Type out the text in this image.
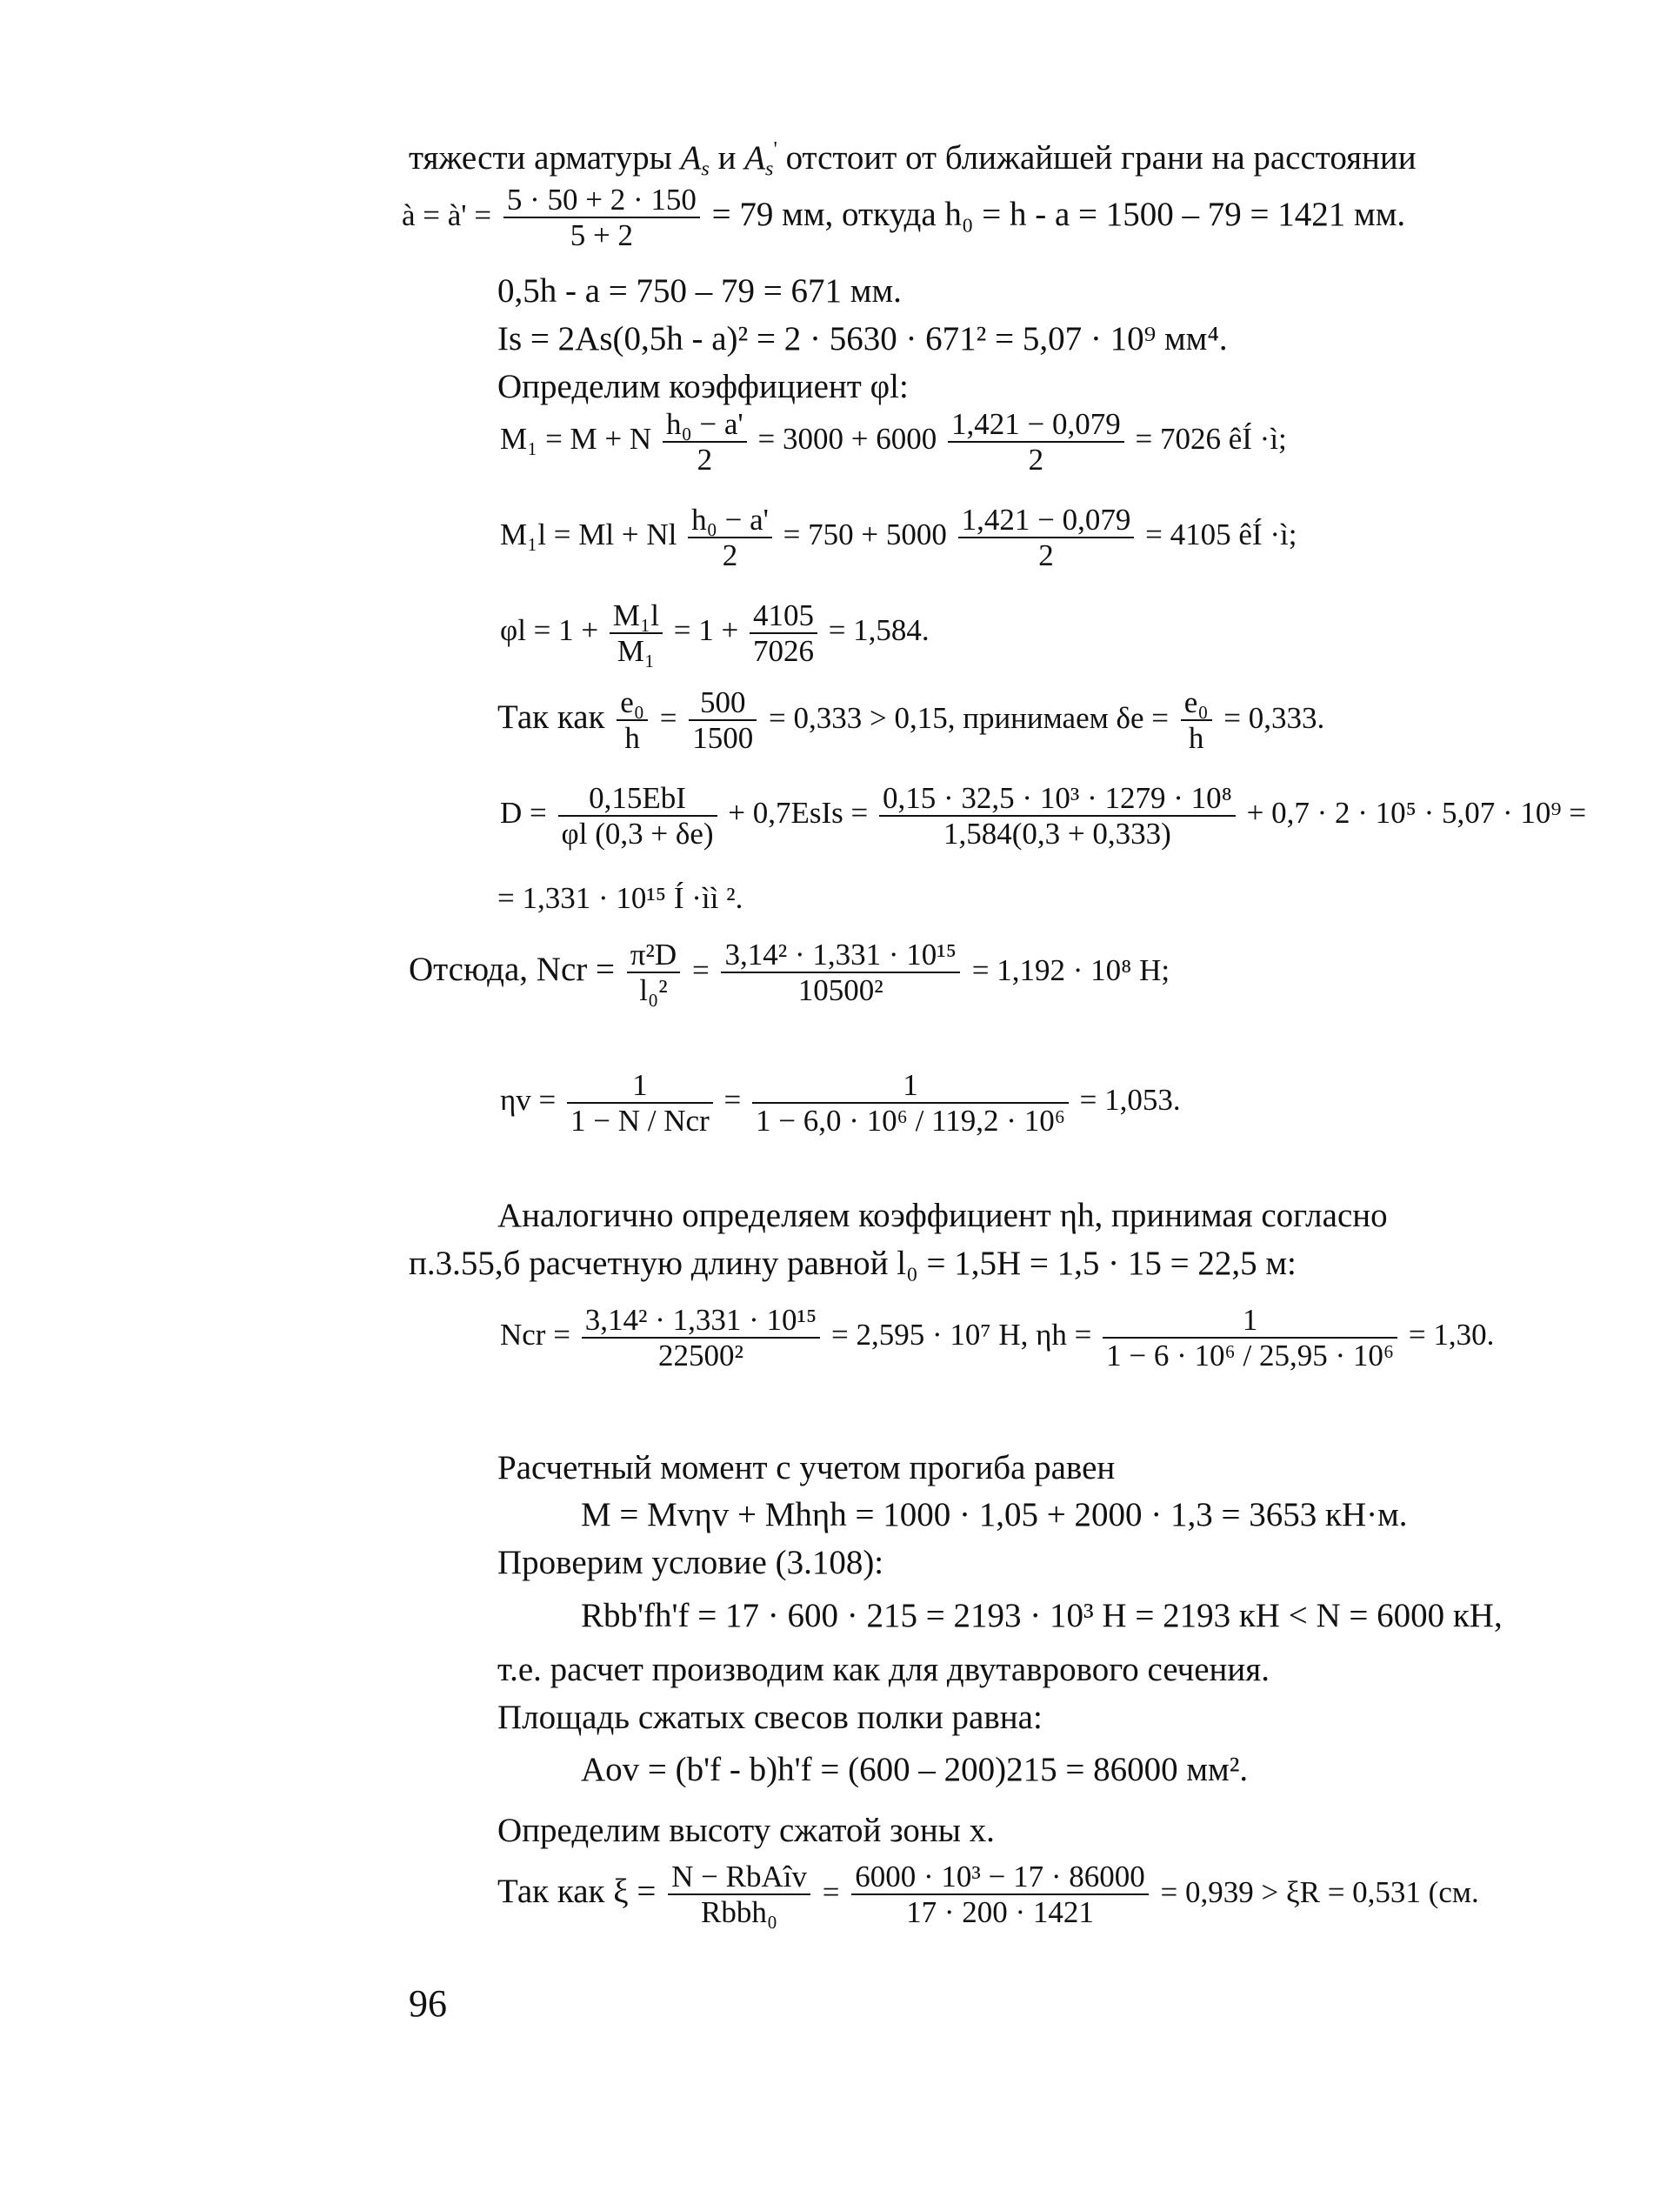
тяжести арматуры $A_s$ и $A_s'$ отстоит от ближайшей грани на расстоянии
à = à' = $\frac{5 \cdot 50 + 2 \cdot 150}{5 + 2} = 79$ мм, откуда h₀ = h - a = 1500 – 79 = 1421 мм.
0,5h - a = 750 – 79 = 671 мм.
Is = 2As(0,5h - a)² = 2 · 5630 · 671² = 5,07 · 10⁹ мм⁴.
Определим коэффициент φl:
M₁ = M + N $\frac{\text{h₀ − a'}}{2} = 3000 + 6000 \frac{1,421 - 0,079}{2} = 7026$ êÍ ·ì;
M₁l = Ml + Nl $\frac{\text{h₀ − a'}}{2} = 750 + 5000 \frac{1,421 - 0,079}{2} = 4105$ êÍ ·ì;
$\varphi l = 1 + \frac{\text{M₁l}}{\text{M₁}} = 1 + \frac{4105}{7026} = 1,584$.
Так как $\frac{\text{e₀}}{h} = \frac{500}{1500} = 0,333 > 0,15$, принимаем $\delta e = \frac{\text{e₀}}{h} = 0,333$.
$D = \frac{\text{0,15EbI}}{\varphi l (0,3 + \delta e)}$ + 0,7EsIs = $\frac{\text{0,15 · 32,5 · 10³ · 1279 · 10⁸}}{1,584(0,3 + 0,333)} + 0,7 \cdot 2 \cdot 10^5 \cdot 5,07 \cdot 10^9$ =
= 1,331 · 10¹⁵ Í ·ìì ².
Отсюда, Ncr = $\frac{\text{π²D}}{\text{l₀²}} = \frac{\text{3,14² · 1,331 · 10¹⁵}}{\text{10500²}} = 1,192 \cdot 10^8$ H;
$\eta v = \frac{1}{\text{1 − N / Ncr}} = \frac{1}{\text{1 − 6,0 · 10⁶ / 119,2 · 10⁶}} = 1,053$.
Аналогично определяем коэффициент ηh, принимая согласно
п.3.55,б расчетную длину равной l₀ = 1,5H = 1,5 · 15 = 22,5 м:
Ncr = $\frac{\text{3,14² · 1,331 · 10¹⁵}}{\text{22500²}} = 2,595 \cdot 10^7$ H, $\eta h = \frac{1}{\text{1 − 6 · 10⁶ / 25,95 · 10⁶}} = 1,30$.
Расчетный момент с учетом прогиба равен
M = Mvηv + Mhηh = 1000 · 1,05 + 2000 · 1,3 = 3653 кН·м.
Проверим условие (3.108):
Rbb'fh'f = 17 · 600 · 215 = 2193 · 10³ H = 2193 кН < N = 6000 кН,
т.е. расчет производим как для двутаврового сечения.
Площадь сжатых свесов полки равна:
Aov = (b'f - b)h'f = (600 – 200)215 = 86000 мм².
Определим высоту сжатой зоны x.
Так как $\xi = \frac{\text{N − RbAîv}}{\text{Rbbh₀}} = \frac{\text{6000 · 10³ − 17 · 86000}}{17 \cdot 200 \cdot 1421} = 0,939 > \xi R = 0,531$ (см.
96
